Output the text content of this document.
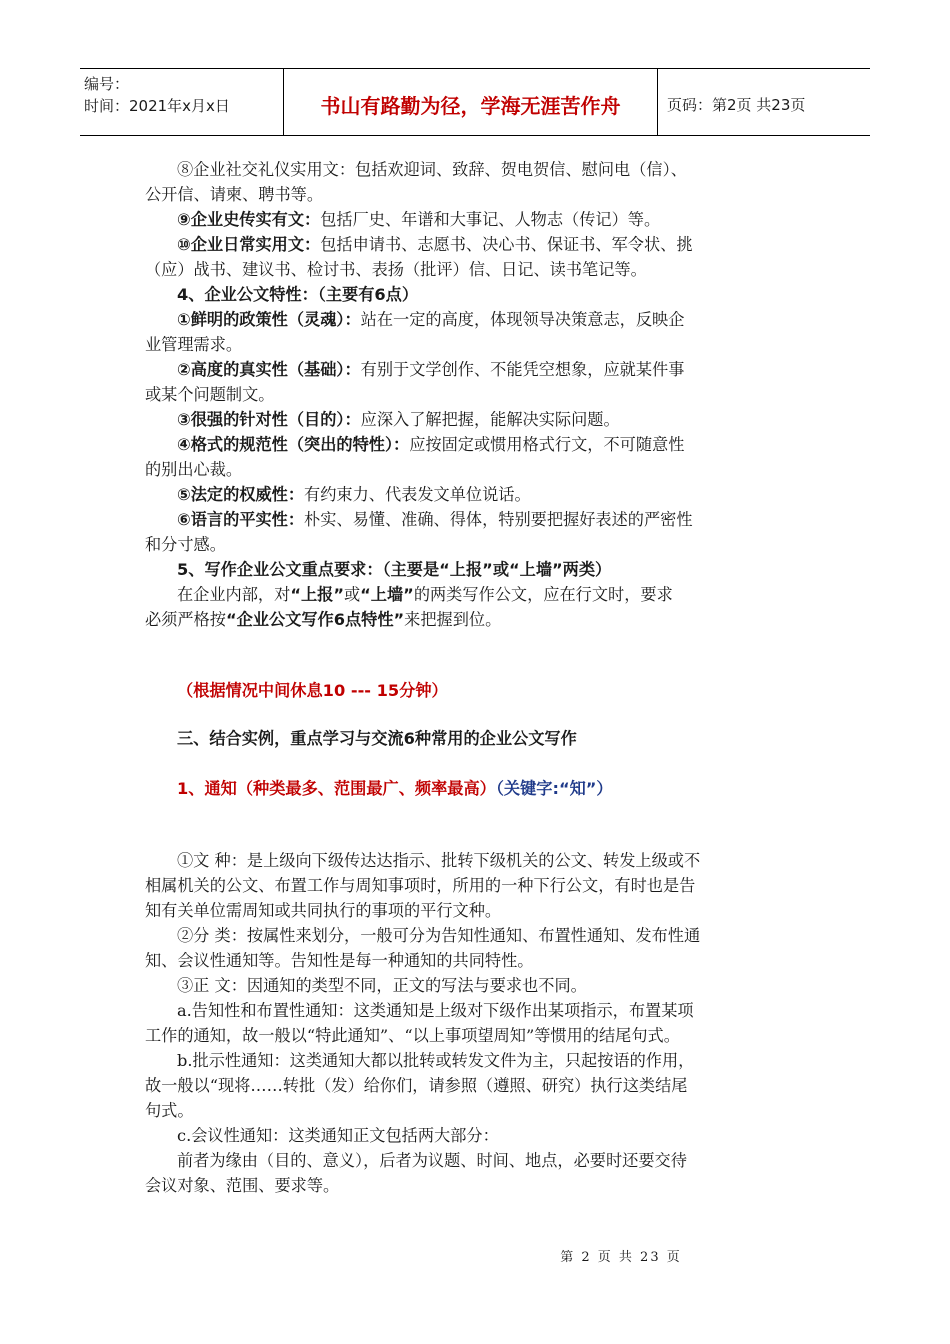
编号：
时间：2021年x月x日	书山有路勤为径，学海无涯苦作舟	页码：第2页 共23页

⑧企业社交礼仪实用文：包括欢迎词、致辞、贺电贺信、慰问电（信）、

公开信、请柬、聘书等。

⑨企业史传实有文：包括厂史、年谱和大事记、人物志（传记）等。

⑩企业日常实用文：包括申请书、志愿书、决心书、保证书、军令状、挑

（应）战书、建议书、检讨书、表扬（批评）信、日记、读书笔记等。

4、企业公文特性：（主要有6点）

①鲜明的政策性（灵魂）：站在一定的高度，体现领导决策意志，反映企

业管理需求。

②高度的真实性（基础）：有别于文学创作、不能凭空想象，应就某件事

或某个问题制文。

③很强的针对性（目的）：应深入了解把握，能解决实际问题。

④格式的规范性（突出的特性）：应按固定或惯用格式行文，不可随意性

的别出心裁。

⑤法定的权威性：有约束力、代表发文单位说话。

⑥语言的平实性：朴实、易懂、准确、得体，特别要把握好表述的严密性

和分寸感。

5、写作企业公文重点要求：（主要是“上报”或“上墙”两类）

在企业内部，对“上报”或“上墙”的两类写作公文，应在行文时，要求

必须严格按“企业公文写作6点特性”来把握到位。

（根据情况中间休息10 --- 15分钟）

三、结合实例，重点学习与交流6种常用的企业公文写作

1、通知（种类最多、范围最广、频率最高）（关键字:“知”）

①文 种：是上级向下级传达达指示、批转下级机关的公文、转发上级或不

相属机关的公文、布置工作与周知事项时，所用的一种下行公文，有时也是告

知有关单位需周知或共同执行的事项的平行文种。

②分 类：按属性来划分，一般可分为告知性通知、布置性通知、发布性通

知、会议性通知等。告知性是每一种通知的共同特性。

③正 文：因通知的类型不同，正文的写法与要求也不同。

a.告知性和布置性通知：这类通知是上级对下级作出某项指示，布置某项

工作的通知，故一般以“特此通知”、“以上事项望周知”等惯用的结尾句式。

b.批示性通知：这类通知大都以批转或转发文件为主，只起按语的作用，

故一般以“现将……转批（发）给你们，请参照（遵照、研究）执行这类结尾

句式。

c.会议性通知：这类通知正文包括两大部分：

前者为缘由（目的、意义），后者为议题、时间、地点，必要时还要交待

会议对象、范围、要求等。

第 2 页 共 23 页
